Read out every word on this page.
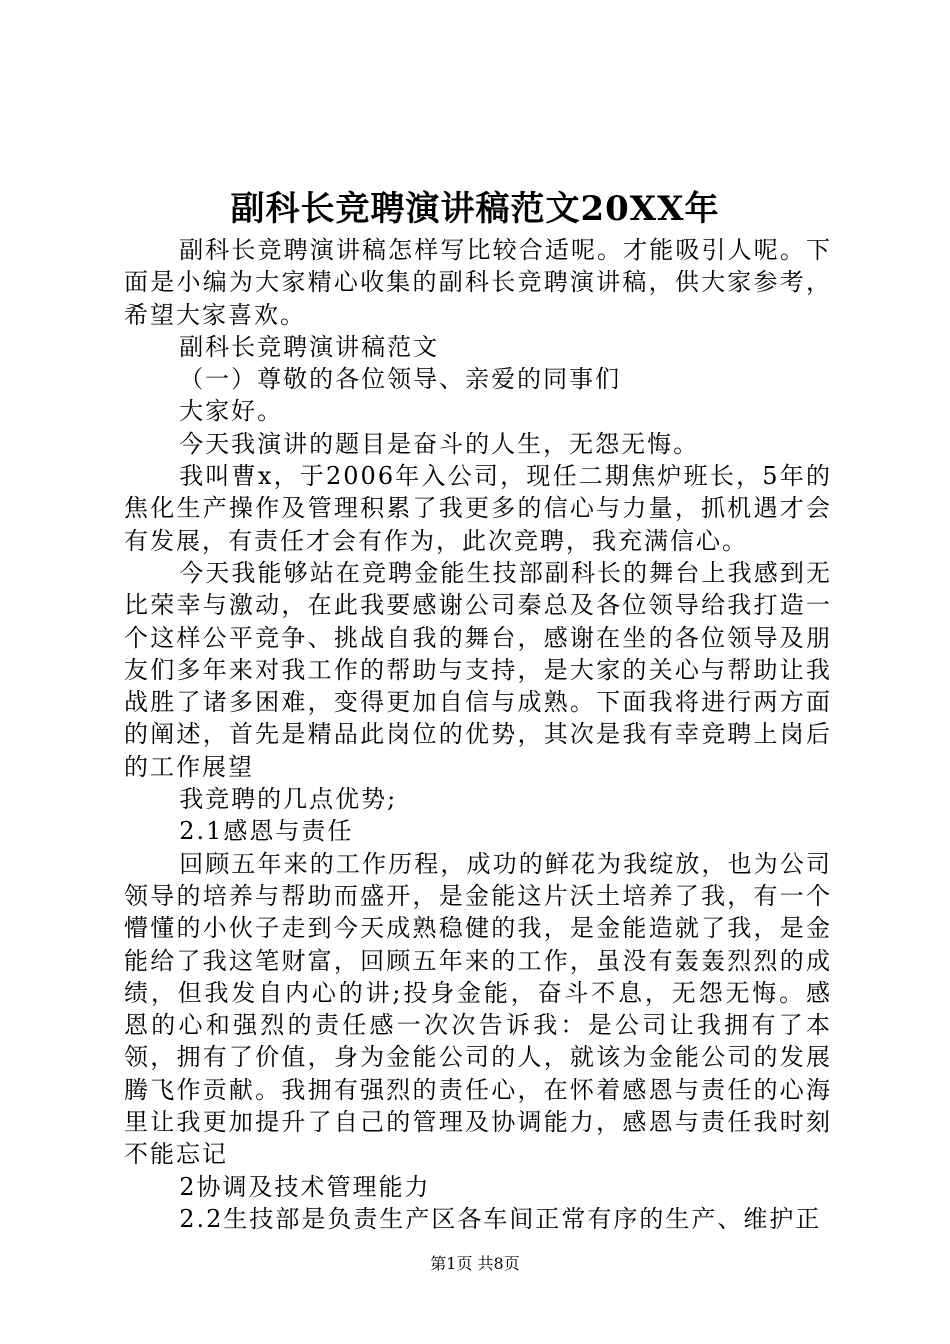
副科长竞聘演讲稿范文20XX年

副科长竞聘演讲稿怎样写比较合适呢。才能吸引人呢。下面是小编为大家精心收集的副科长竞聘演讲稿，供大家参考，希望大家喜欢。

副科长竞聘演讲稿范文

（一）尊敬的各位领导、亲爱的同事们

大家好。

今天我演讲的题目是奋斗的人生，无怨无悔。

我叫曹x，于2006年入公司，现任二期焦炉班长，5年的焦化生产操作及管理积累了我更多的信心与力量，抓机遇才会有发展，有责任才会有作为，此次竞聘，我充满信心。

今天我能够站在竞聘金能生技部副科长的舞台上我感到无比荣幸与激动，在此我要感谢公司秦总及各位领导给我打造一个这样公平竞争、挑战自我的舞台，感谢在坐的各位领导及朋友们多年来对我工作的帮助与支持，是大家的关心与帮助让我战胜了诸多困难，变得更加自信与成熟。下面我将进行两方面的阐述，首先是精品此岗位的优势，其次是我有幸竞聘上岗后的工作展望

我竞聘的几点优势;

2.1感恩与责任

回顾五年来的工作历程，成功的鲜花为我绽放，也为公司领导的培养与帮助而盛开，是金能这片沃土培养了我，有一个懵懂的小伙子走到今天成熟稳健的我，是金能造就了我，是金能给了我这笔财富，回顾五年来的工作，虽没有轰轰烈烈的成绩，但我发自内心的讲;投身金能，奋斗不息，无怨无悔。感恩的心和强烈的责任感一次次告诉我：是公司让我拥有了本领，拥有了价值，身为金能公司的人，就该为金能公司的发展腾飞作贡献。我拥有强烈的责任心，在怀着感恩与责任的心海里让我更加提升了自己的管理及协调能力，感恩与责任我时刻不能忘记

2协调及技术管理能力

2.2生技部是负责生产区各车间正常有序的生产、维护正

第1页 共8页
